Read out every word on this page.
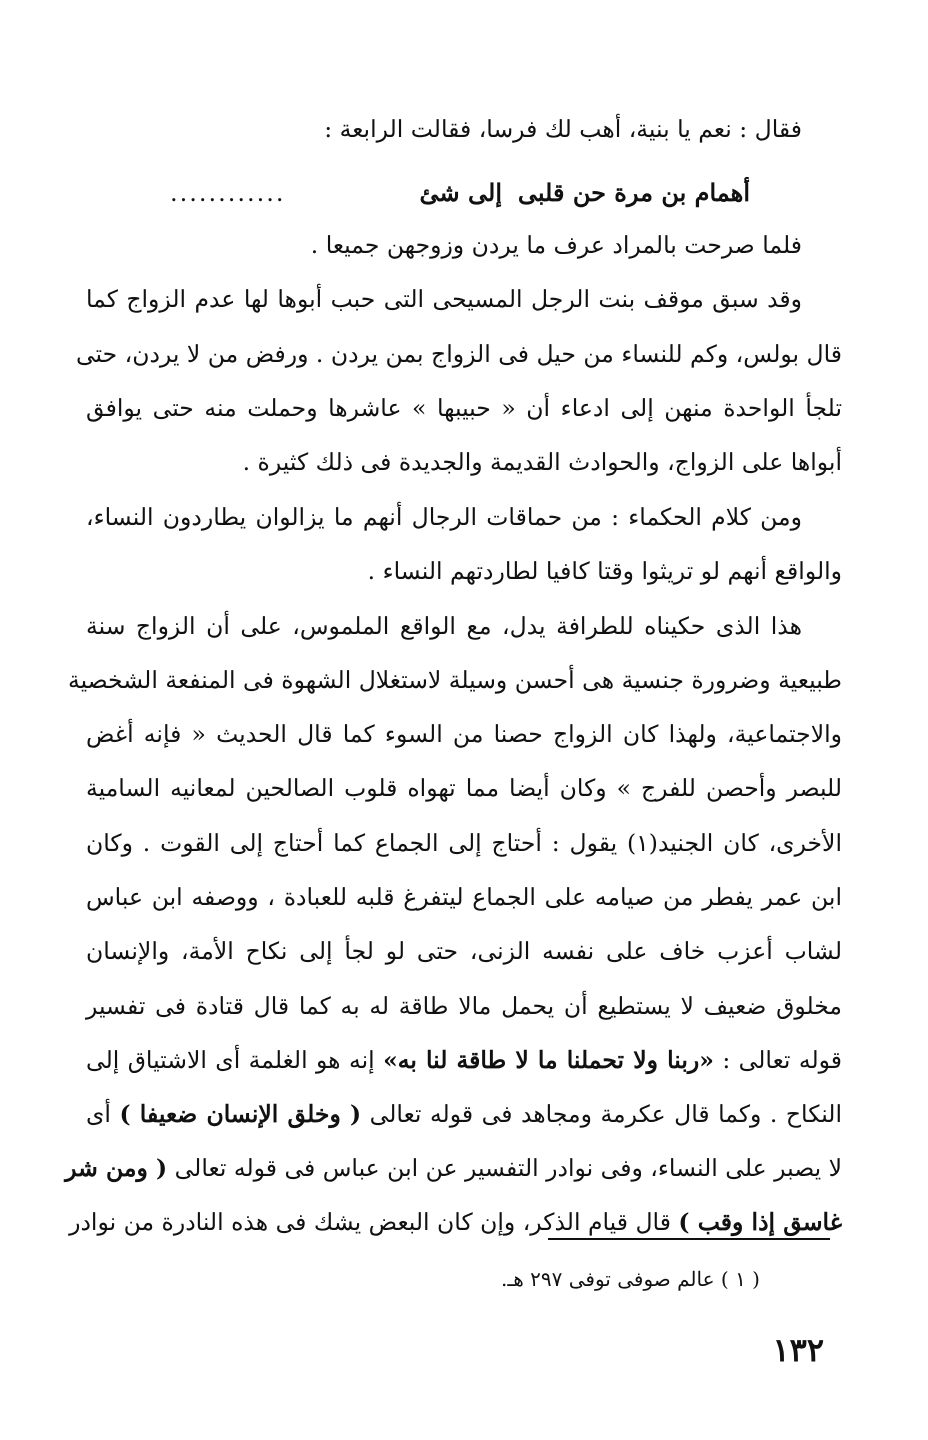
فقال : نعم يا بنية، أهب لك فرسا، فقالت الرابعة :
أهمام بن مرة حن قلبى
إلى شئ
............
فلما صرحت بالمراد عرف ما يردن وزوجهن جميعا .
وقد سبق موقف بنت الرجل المسيحى التى حبب أبوها لها عدم الزواج كما
قال بولس، وكم للنساء من حيل فى الزواج بمن يردن . ورفض من لا يردن، حتى
تلجأ الواحدة منهن إلى ادعاء أن « حبيبها » عاشرها وحملت منه حتى يوافق
أبواها على الزواج، والحوادث القديمة والجديدة فى ذلك كثيرة .
ومن كلام الحكماء : من حماقات الرجال أنهم ما يزالوان يطاردون النساء،
والواقع أنهم لو تريثوا وقتا كافيا لطاردتهم النساء .
هذا الذى حكيناه للطرافة يدل، مع الواقع الملموس، على أن الزواج سنة
طبيعية وضرورة جنسية هى أحسن وسيلة لاستغلال الشهوة فى المنفعة الشخصية
والاجتماعية، ولهذا كان الزواج حصنا من السوء كما قال الحديث « فإنه أغض
للبصر وأحصن للفرج » وكان أيضا مما تهواه قلوب الصالحين لمعانيه السامية
الأخرى، كان الجنيد(١) يقول : أحتاج إلى الجماع كما أحتاج إلى القوت . وكان
ابن عمر يفطر من صيامه على الجماع ليتفرغ قلبه للعبادة ، ووصفه ابن عباس
لشاب أعزب خاف على نفسه الزنى، حتى لو لجأ إلى نكاح الأمة، والإنسان
مخلوق ضعيف لا يستطيع أن يحمل مالا طاقة له به كما قال قتادة فى تفسير
قوله تعالى : «ربنا ولا تحملنا ما لا طاقة لنا به» إنه هو الغلمة أى الاشتياق إلى
النكاح . وكما قال عكرمة ومجاهد فى قوله تعالى ( وخلق الإنسان ضعيفا ) أى
لا يصبر على النساء، وفى نوادر التفسير عن ابن عباس فى قوله تعالى ( ومن شر
غاسق إذا وقب ) قال قيام الذكر، وإن كان البعض يشك فى هذه النادرة من نوادر
( ١ ) عالم صوفى توفى ٢٩٧ هـ.
١٣٢
